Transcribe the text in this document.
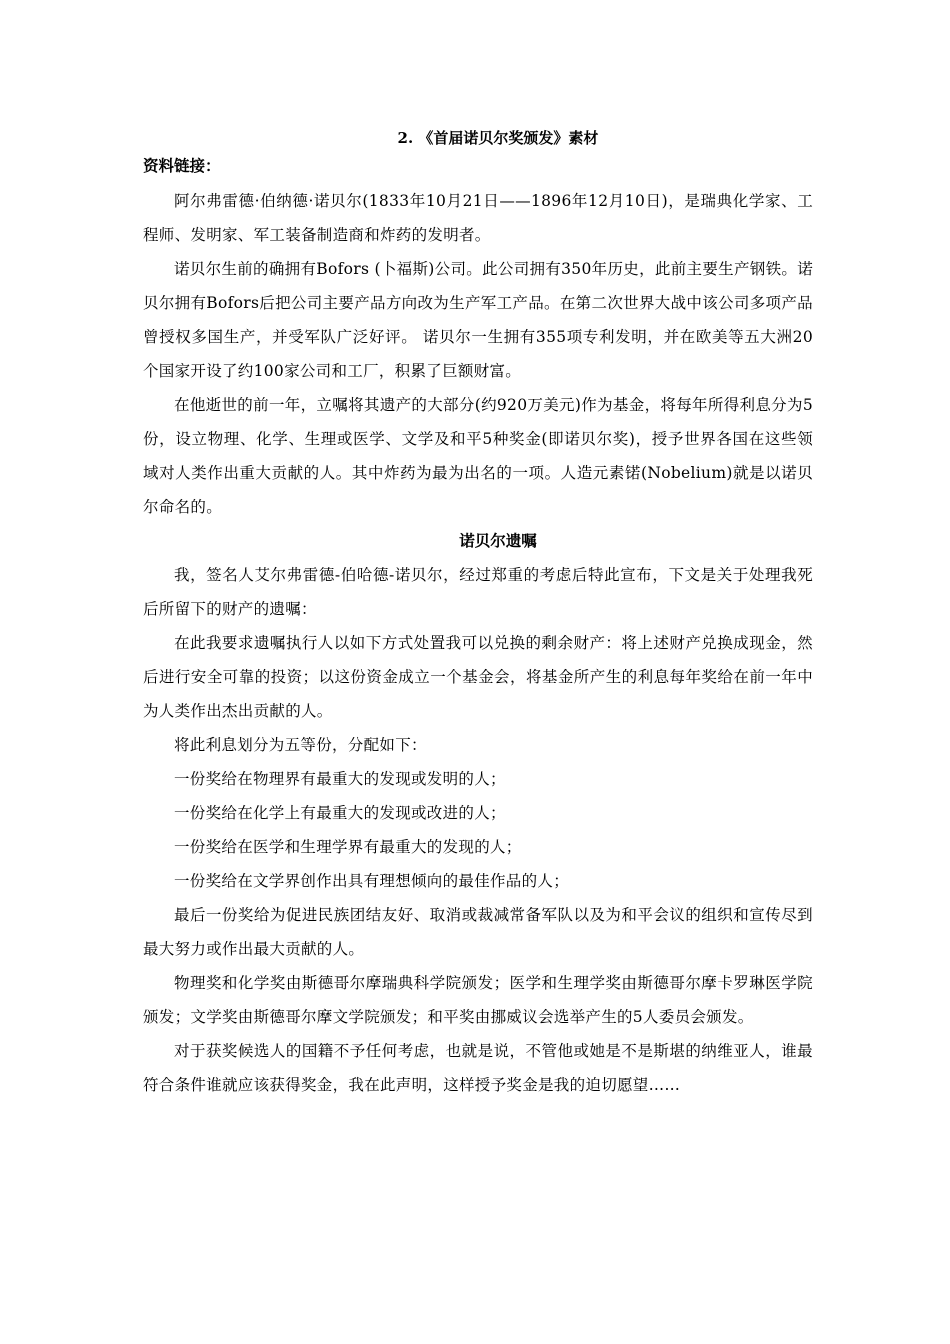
2. 《首届诺贝尔奖颁发》素材
资料链接：

阿尔弗雷德·伯纳德·诺贝尔(1833年10月21日——1896年12月10日)，是瑞典化学家、工程师、发明家、军工装备制造商和炸药的发明者。

诺贝尔生前的确拥有Bofors (卜福斯)公司。此公司拥有350年历史，此前主要生产钢铁。诺贝尔拥有Bofors后把公司主要产品方向改为生产军工产品。在第二次世界大战中该公司多项产品曾授权多国生产，并受军队广泛好评。 诺贝尔一生拥有355项专利发明，并在欧美等五大洲20个国家开设了约100家公司和工厂，积累了巨额财富。

在他逝世的前一年，立嘱将其遗产的大部分(约920万美元)作为基金，将每年所得利息分为5份，设立物理、化学、生理或医学、文学及和平5种奖金(即诺贝尔奖)，授予世界各国在这些领域对人类作出重大贡献的人。其中炸药为最为出名的一项。人造元素锘(Nobelium)就是以诺贝尔命名的。

诺贝尔遗嘱

我，签名人艾尔弗雷德-伯哈德-诺贝尔，经过郑重的考虑后特此宣布，下文是关于处理我死后所留下的财产的遗嘱：

在此我要求遗嘱执行人以如下方式处置我可以兑换的剩余财产：将上述财产兑换成现金，然后进行安全可靠的投资；以这份资金成立一个基金会，将基金所产生的利息每年奖给在前一年中为人类作出杰出贡献的人。

将此利息划分为五等份，分配如下：

一份奖给在物理界有最重大的发现或发明的人；

一份奖给在化学上有最重大的发现或改进的人；

一份奖给在医学和生理学界有最重大的发现的人；

一份奖给在文学界创作出具有理想倾向的最佳作品的人；

最后一份奖给为促进民族团结友好、取消或裁减常备军队以及为和平会议的组织和宣传尽到最大努力或作出最大贡献的人。

物理奖和化学奖由斯德哥尔摩瑞典科学院颁发；医学和生理学奖由斯德哥尔摩卡罗琳医学院颁发；文学奖由斯德哥尔摩文学院颁发；和平奖由挪威议会选举产生的5人委员会颁发。

对于获奖候选人的国籍不予任何考虑，也就是说，不管他或她是不是斯堪的纳维亚人，谁最符合条件谁就应该获得奖金，我在此声明，这样授予奖金是我的迫切愿望……
